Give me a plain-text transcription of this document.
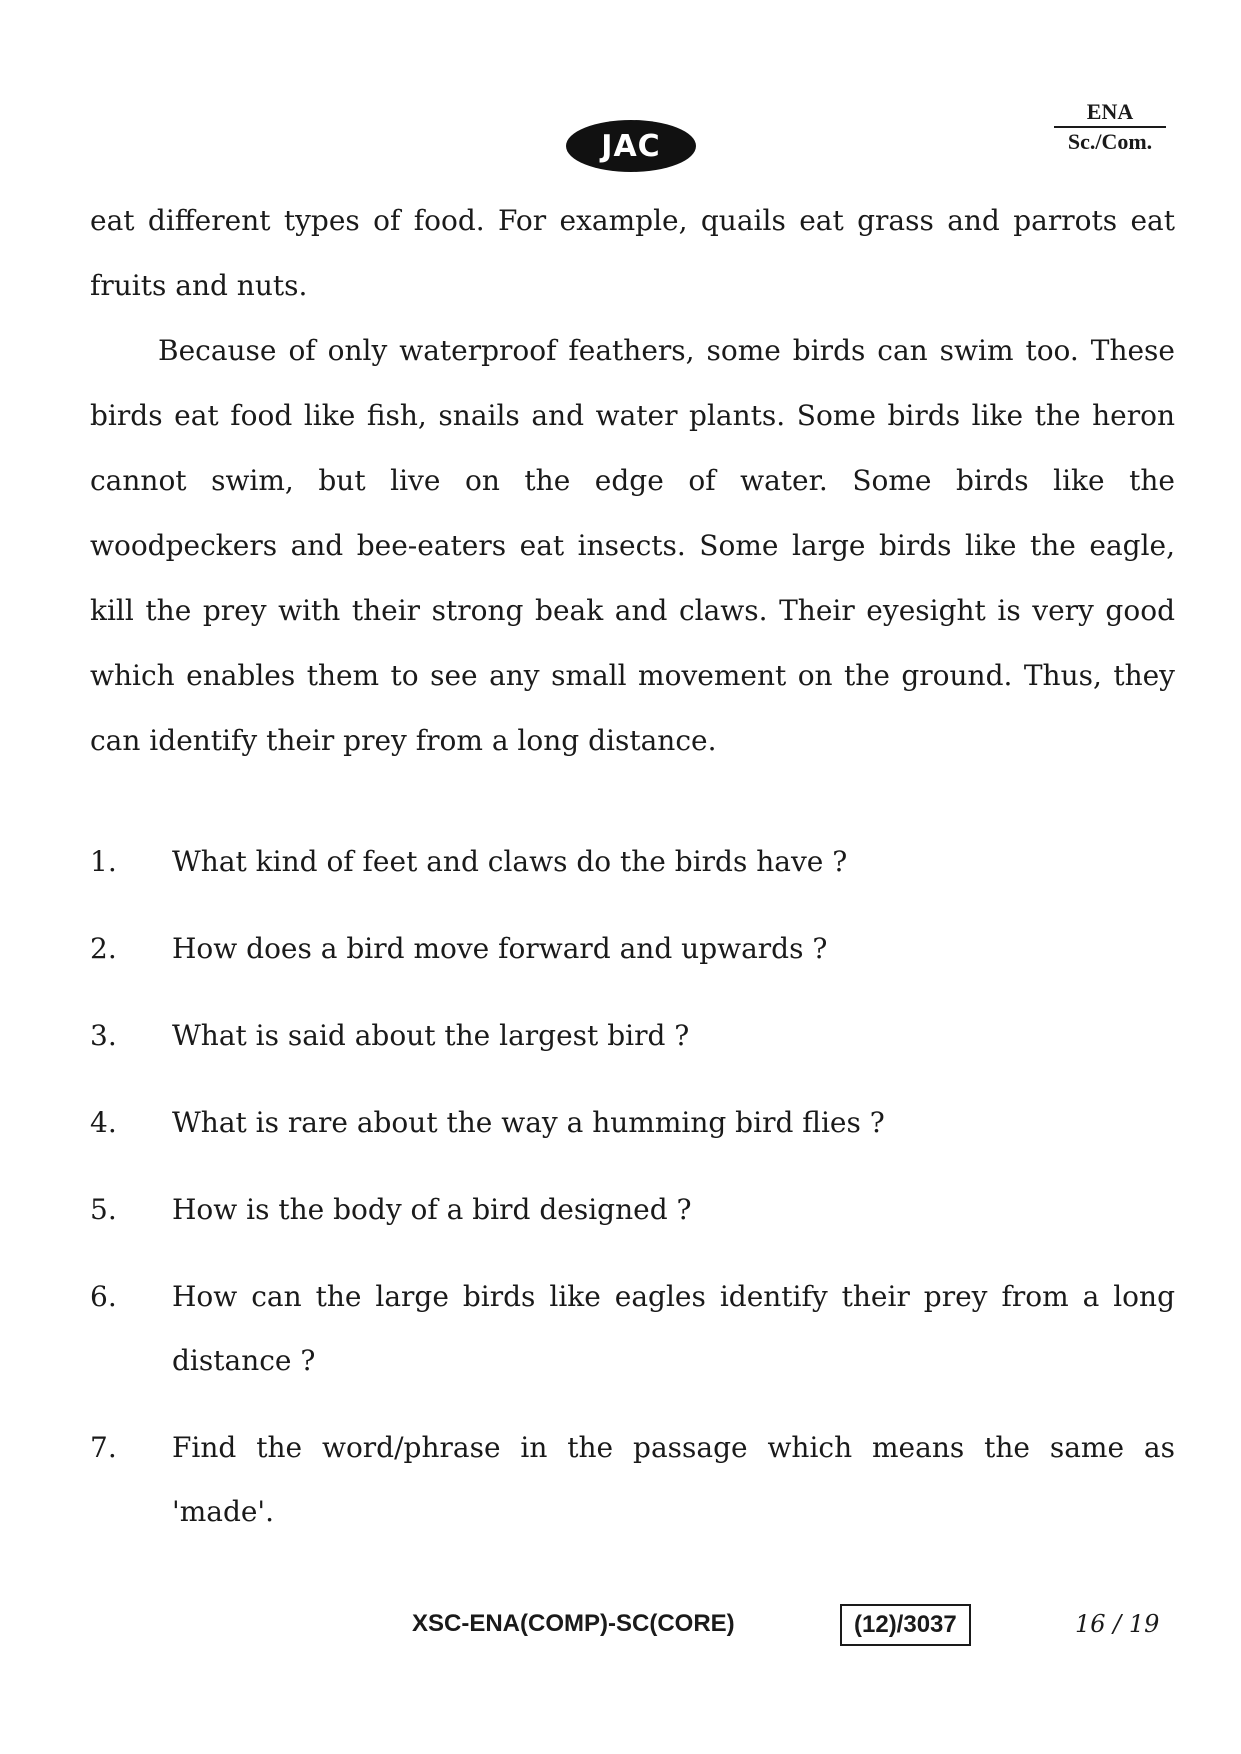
JAC
ENA
Sc./Com.

eat different types of food. For example, quails eat grass and parrots eat fruits and nuts.

Because of only waterproof feathers, some birds can swim too. These birds eat food like fish, snails and water plants. Some birds like the heron cannot swim, but live on the edge of water. Some birds like the woodpeckers and bee-eaters eat insects. Some large birds like the eagle, kill the prey with their strong beak and claws. Their eyesight is very good which enables them to see any small movement on the ground. Thus, they can identify their prey from a long distance.

1.	What kind of feet and claws do the birds have ?
2.	How does a bird move forward and upwards ?
3.	What is said about the largest bird ?
4.	What is rare about the way a humming bird flies ?
5.	How is the body of a bird designed ?
6.	How can the large birds like eagles identify their prey from a long distance ?
7.	Find the word/phrase in the passage which means the same as 'made'.
XSC-ENA(COMP)-SC(CORE)	(12)/3037	16 / 19
